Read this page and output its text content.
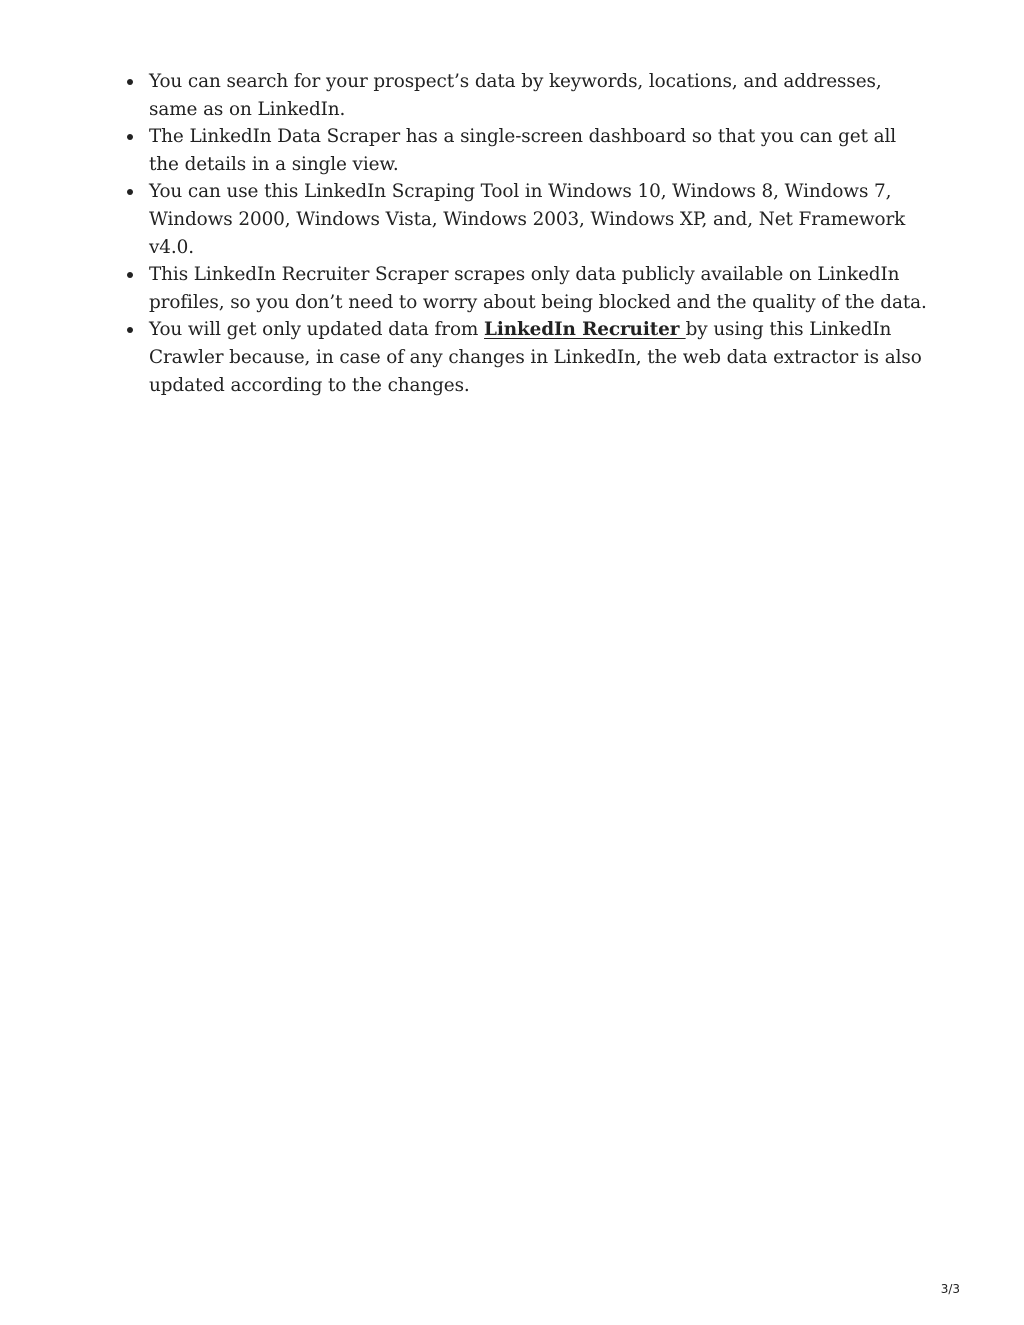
You can search for your prospect’s data by keywords, locations, and addresses, same as on LinkedIn.
The LinkedIn Data Scraper has a single-screen dashboard so that you can get all the details in a single view.
You can use this LinkedIn Scraping Tool in Windows 10, Windows 8, Windows 7, Windows 2000, Windows Vista, Windows 2003, Windows XP, and, Net Framework v4.0.
This LinkedIn Recruiter Scraper scrapes only data publicly available on LinkedIn profiles, so you don’t need to worry about being blocked and the quality of the data.
You will get only updated data from LinkedIn Recruiter by using this LinkedIn Crawler because, in case of any changes in LinkedIn, the web data extractor is also updated according to the changes.
3/3
